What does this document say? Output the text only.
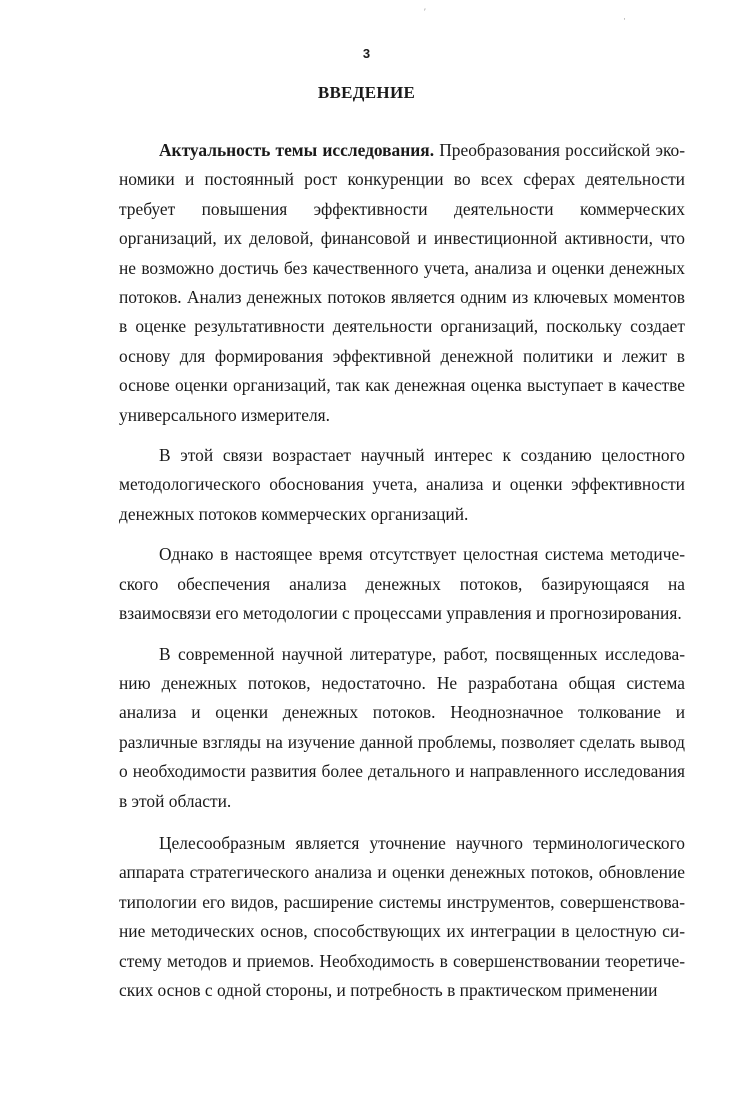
′
·
3
ВВЕДЕНИЕ

Актуальность темы исследования. Преобразования российской экономики и постоянный рост конкуренции во всех сферах деятельности требует повышения эффективности деятельности коммерческих организаций, их деловой, финансовой и инвестиционной активности, что не возможно достичь без качественного учета, анализа и оценки денежных потоков. Анализ денежных потоков является одним из ключевых моментов в оценке результативности деятельности организаций, поскольку создает основу для формирования эффективной денежной политики и лежит в основе оценки организаций, так как денежная оценка выступает в качестве универсального измерителя.

В этой связи возрастает научный интерес к созданию целостного методологического обоснования учета, анализа и оценки эффективности денежных потоков коммерческих организаций.

Однако в настоящее время отсутствует целостная система методического обеспечения анализа денежных потоков, базирующаяся на взаимосвязи его методологии с процессами управления и прогнозирования.

В современной научной литературе, работ, посвященных исследованию денежных потоков, недостаточно. Не разработана общая система анализа и оценки денежных потоков. Неоднозначное толкование и различные взгляды на изучение данной проблемы, позволяет сделать вывод о необходимости развития более детального и направленного исследования в этой области.

Целесообразным является уточнение научного терминологического аппарата стратегического анализа и оценки денежных потоков, обновление типологии его видов, расширение системы инструментов, совершенствование методических основ, способствующих их интеграции в целостную систему методов и приемов. Необходимость в совершенствовании теоретических основ с одной стороны, и потребность в практическом применении
